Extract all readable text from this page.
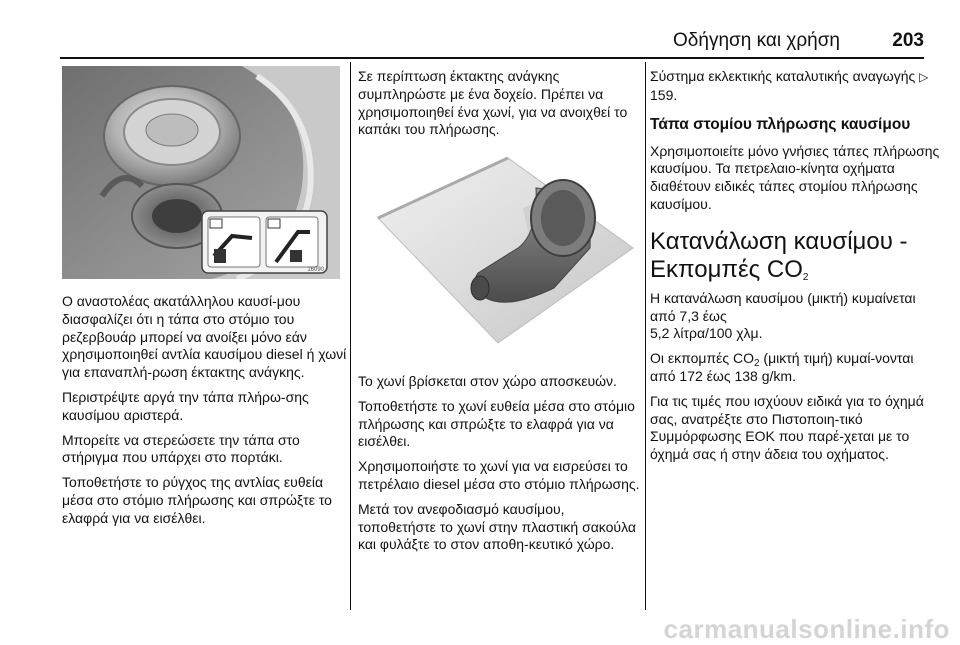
Οδήγηση και χρήση	203
16090

Ο αναστολέας ακατάλληλου καυσί-μου διασφαλίζει ότι η τάπα στο στόμιο του ρεζερβουάρ μπορεί να ανοίξει μόνο εάν χρησιμοποιηθεί αντλία καυσίμου diesel ή χωνί για επαναπλή-ρωση έκτακτης ανάγκης.

Περιστρέψτε αργά την τάπα πλήρω-σης καυσίμου αριστερά.

Μπορείτε να στερεώσετε την τάπα στο στήριγμα που υπάρχει στο πορτάκι.

Τοποθετήστε το ρύγχος της αντλίας ευθεία μέσα στο στόμιο πλήρωσης και σπρώξτε το ελαφρά για να εισέλθει.

Σε περίπτωση έκτακτης ανάγκης συμπληρώστε με ένα δοχείο. Πρέπει να χρησιμοποιηθεί ένα χωνί, για να ανοιχθεί το καπάκι του πλήρωσης.

Το χωνί βρίσκεται στον χώρο αποσκευών.

Τοποθετήστε το χωνί ευθεία μέσα στο στόμιο πλήρωσης και σπρώξτε το ελαφρά για να εισέλθει.

Χρησιμοποιήστε το χωνί για να εισρεύσει το πετρέλαιο diesel μέσα στο στόμιο πλήρωσης.

Μετά τον ανεφοδιασμό καυσίμου, τοποθετήστε το χωνί στην πλαστική σακούλα και φυλάξτε το στον αποθη-κευτικό χώρο.

Σύστημα εκλεκτικής καταλυτικής αναγωγής ▷ 159.

Τάπα στομίου πλήρωσης καυσίμου

Χρησιμοποιείτε μόνο γνήσιες τάπες πλήρωσης καυσίμου. Τα πετρελαιο-κίνητα οχήματα διαθέτουν ειδικές τάπες στομίου πλήρωσης καυσίμου.

Κατανάλωση καυσίμου -
Εκπομπές $CO_2$

Η κατανάλωση καυσίμου (μικτή) κυμαίνεται από 7,3 έως
5,2 λίτρα/100 χλμ.

Οι εκπομπές $CO_2$ (μικτή τιμή) κυμαί-νονται από 172 έως 138 g/km.

Για τις τιμές που ισχύουν ειδικά για το όχημά σας, ανατρέξτε στο Πιστοποιη-τικό Συμμόρφωσης ΕΟΚ που παρέ-χεται με το όχημά σας ή στην άδεια του οχήματος.

carmanualsonline.info
